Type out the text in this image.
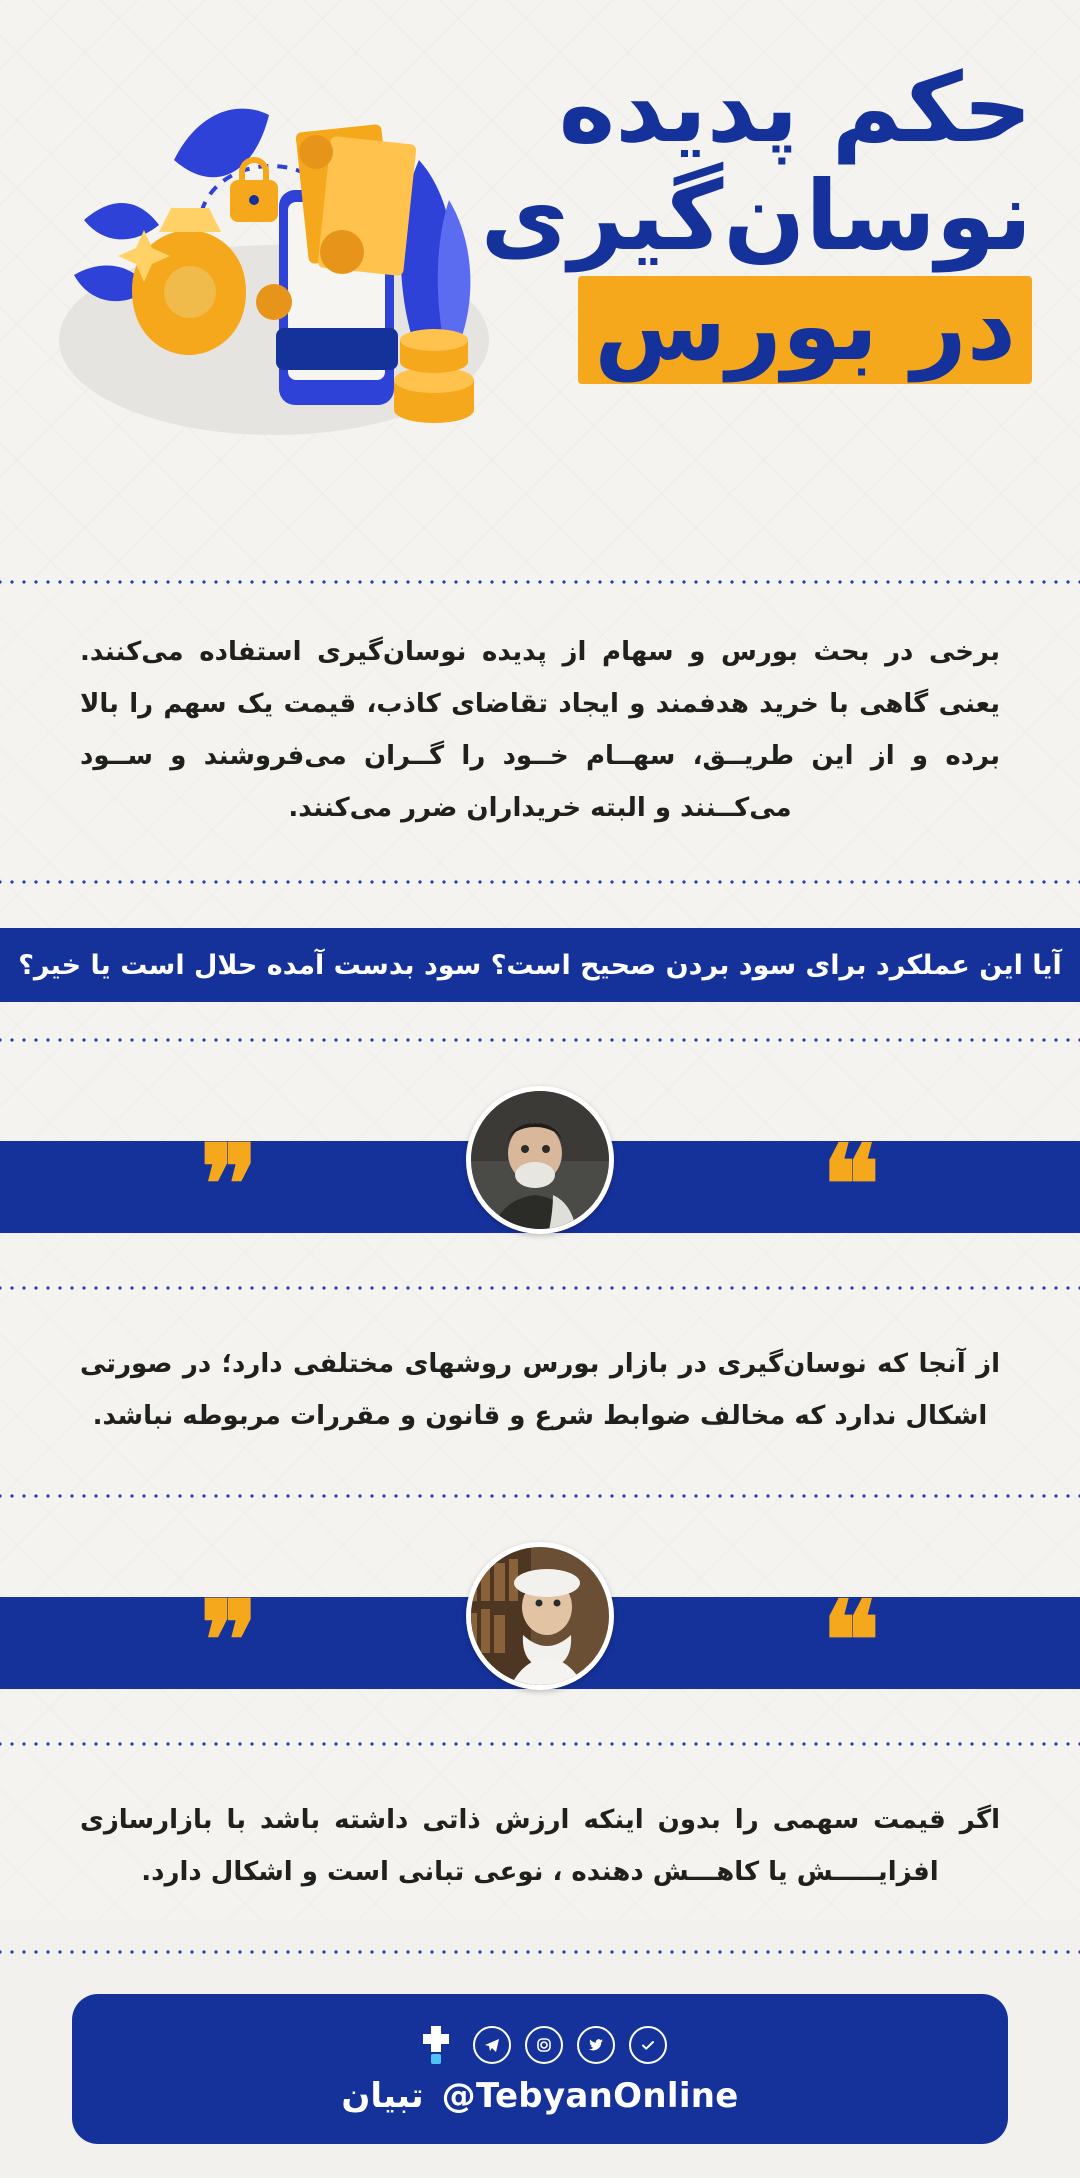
حکم پدیده
نوسان‌گیری
در بورس

برخی در بحث بورس و سهام از پدیده نوسان‌گیری استفاده می‌کنند. یعنی گاهی با خرید هدفمند و ایجاد تقاضای کاذب، قیمت یک سهم را بالا برده و از این طریــق، سهــام خــود را گــران می‌فروشند و ســود می‌کــنند و البته خریداران ضرر می‌کنند.

آیا این عملکرد برای سود بردن صحیح است؟ سود بدست آمده حلال است یا خیر؟
❝
❞

از آنجا که نوسان‌گیری در بازار بورس روشهای مختلفی دارد؛ در صورتی اشکال ندارد که مخالف ضوابط شرع و قانون و مقررات مربوطه نباشد.

❝
❞

اگر قیمت سهمی را بدون اینکه ارزش ذاتی داشته باشد با بازارسازی افزایـــــش یا کاهـــش دهنده ، نوعی تبانی است و اشکال دارد.

تبیان @TebyanOnline
